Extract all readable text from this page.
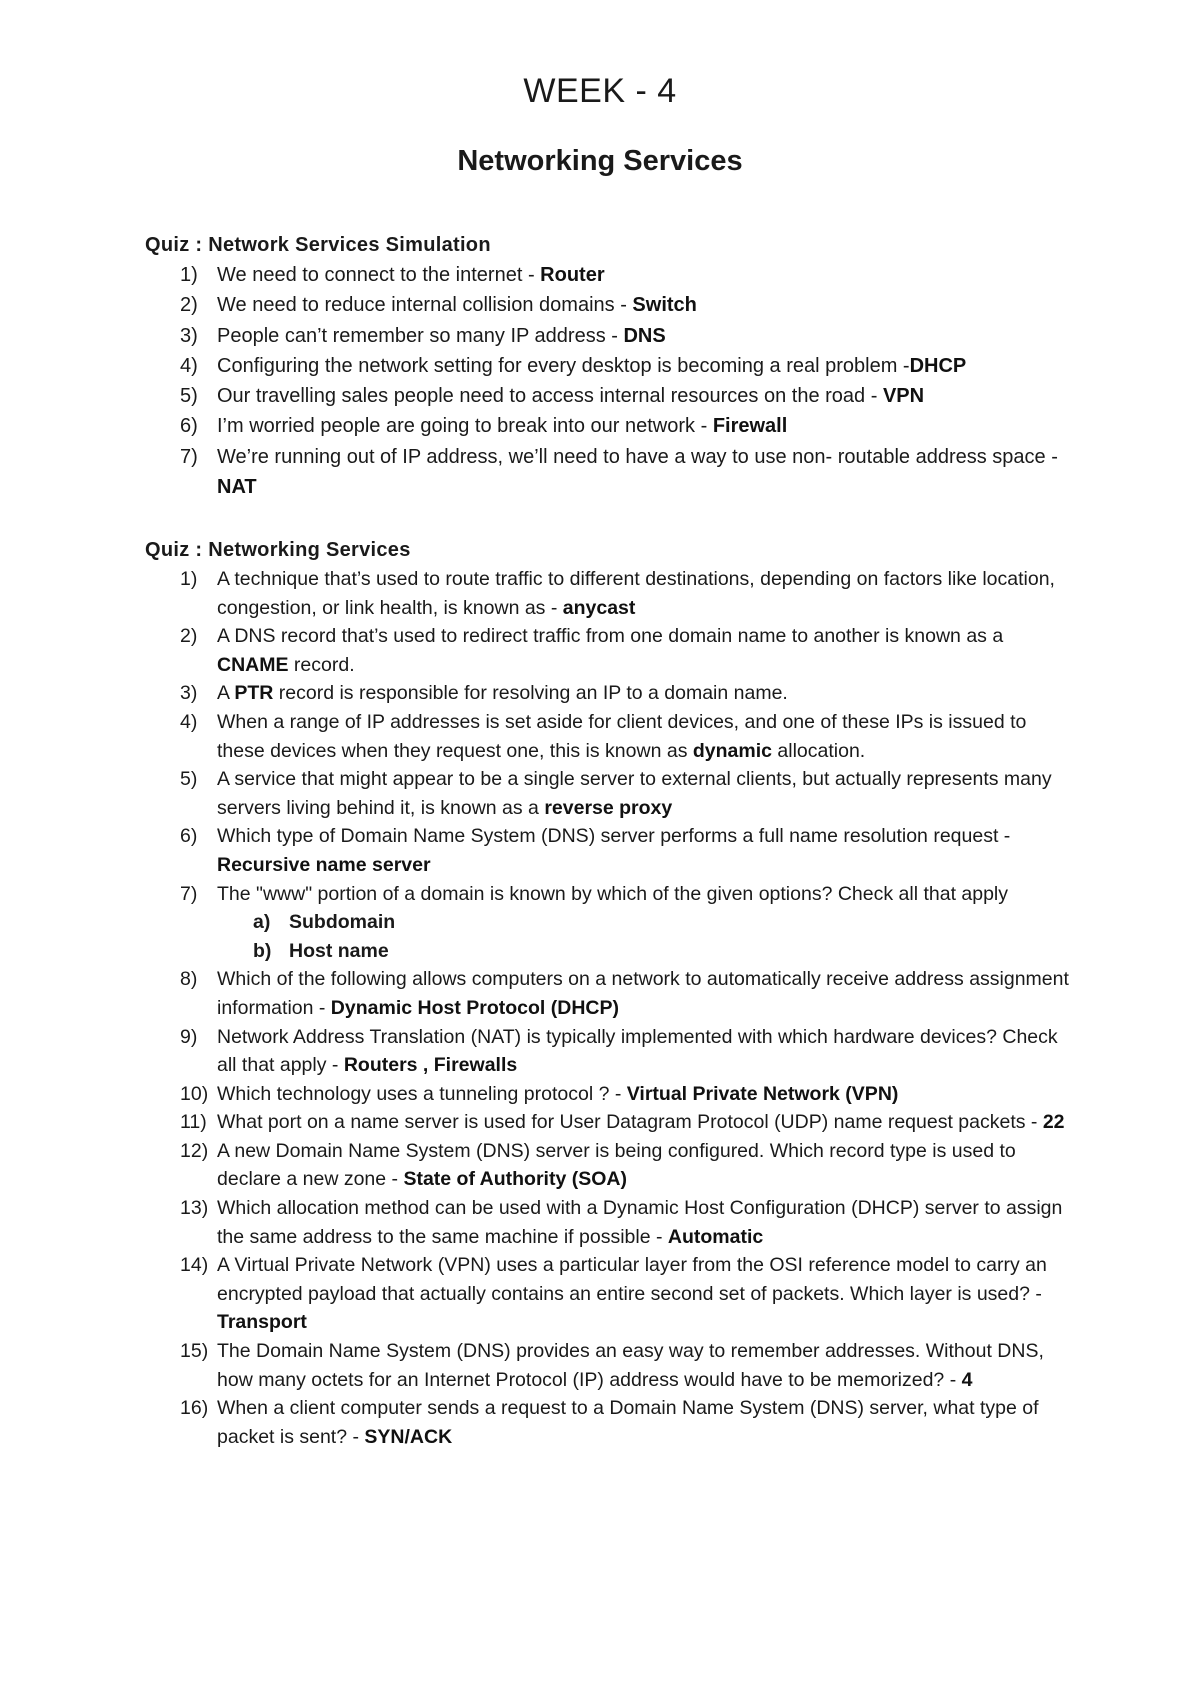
WEEK - 4
Networking Services
Quiz : Network Services Simulation
1) We need to connect to the internet - Router
2) We need to reduce internal collision domains - Switch
3) People can’t remember so many IP address - DNS
4) Configuring the network setting for every desktop is becoming a real problem -DHCP
5) Our travelling sales people need to access internal resources on the road - VPN
6) I’m worried people are going to break into our network - Firewall
7) We’re running out of IP address, we’ll need to have a way to use non- routable address space - NAT
Quiz : Networking Services
1) A technique that’s used to route traffic to different destinations, depending on factors like location, congestion, or link health, is known as - anycast
2) A DNS record that’s used to redirect traffic from one domain name to another is known as a CNAME record.
3) A PTR record is responsible for resolving an IP to a domain name.
4) When a range of IP addresses is set aside for client devices, and one of these IPs is issued to these devices when they request one, this is known as dynamic allocation.
5) A service that might appear to be a single server to external clients, but actually represents many servers living behind it, is known as a reverse proxy
6) Which type of Domain Name System (DNS) server performs a full name resolution request - Recursive name server
7) The "www" portion of a domain is known by which of the given options? Check all that apply
a) Subdomain
b) Host name
8) Which of the following allows computers on a network to automatically receive address assignment information - Dynamic Host Protocol (DHCP)
9) Network Address Translation (NAT) is typically implemented with which hardware devices? Check all that apply - Routers , Firewalls
10) Which technology uses a tunneling protocol ? - Virtual Private Network (VPN)
11) What port on a name server is used for User Datagram Protocol (UDP) name request packets - 22
12) A new Domain Name System (DNS) server is being configured. Which record type is used to declare a new zone - State of Authority (SOA)
13) Which allocation method can be used with a Dynamic Host Configuration (DHCP) server to assign the same address to the same machine if possible - Automatic
14) A Virtual Private Network (VPN) uses a particular layer from the OSI reference model to carry an encrypted payload that actually contains an entire second set of packets. Which layer is used? - Transport
15) The Domain Name System (DNS) provides an easy way to remember addresses. Without DNS, how many octets for an Internet Protocol (IP) address would have to be memorized? - 4
16) When a client computer sends a request to a Domain Name System (DNS) server, what type of packet is sent? - SYN/ACK
